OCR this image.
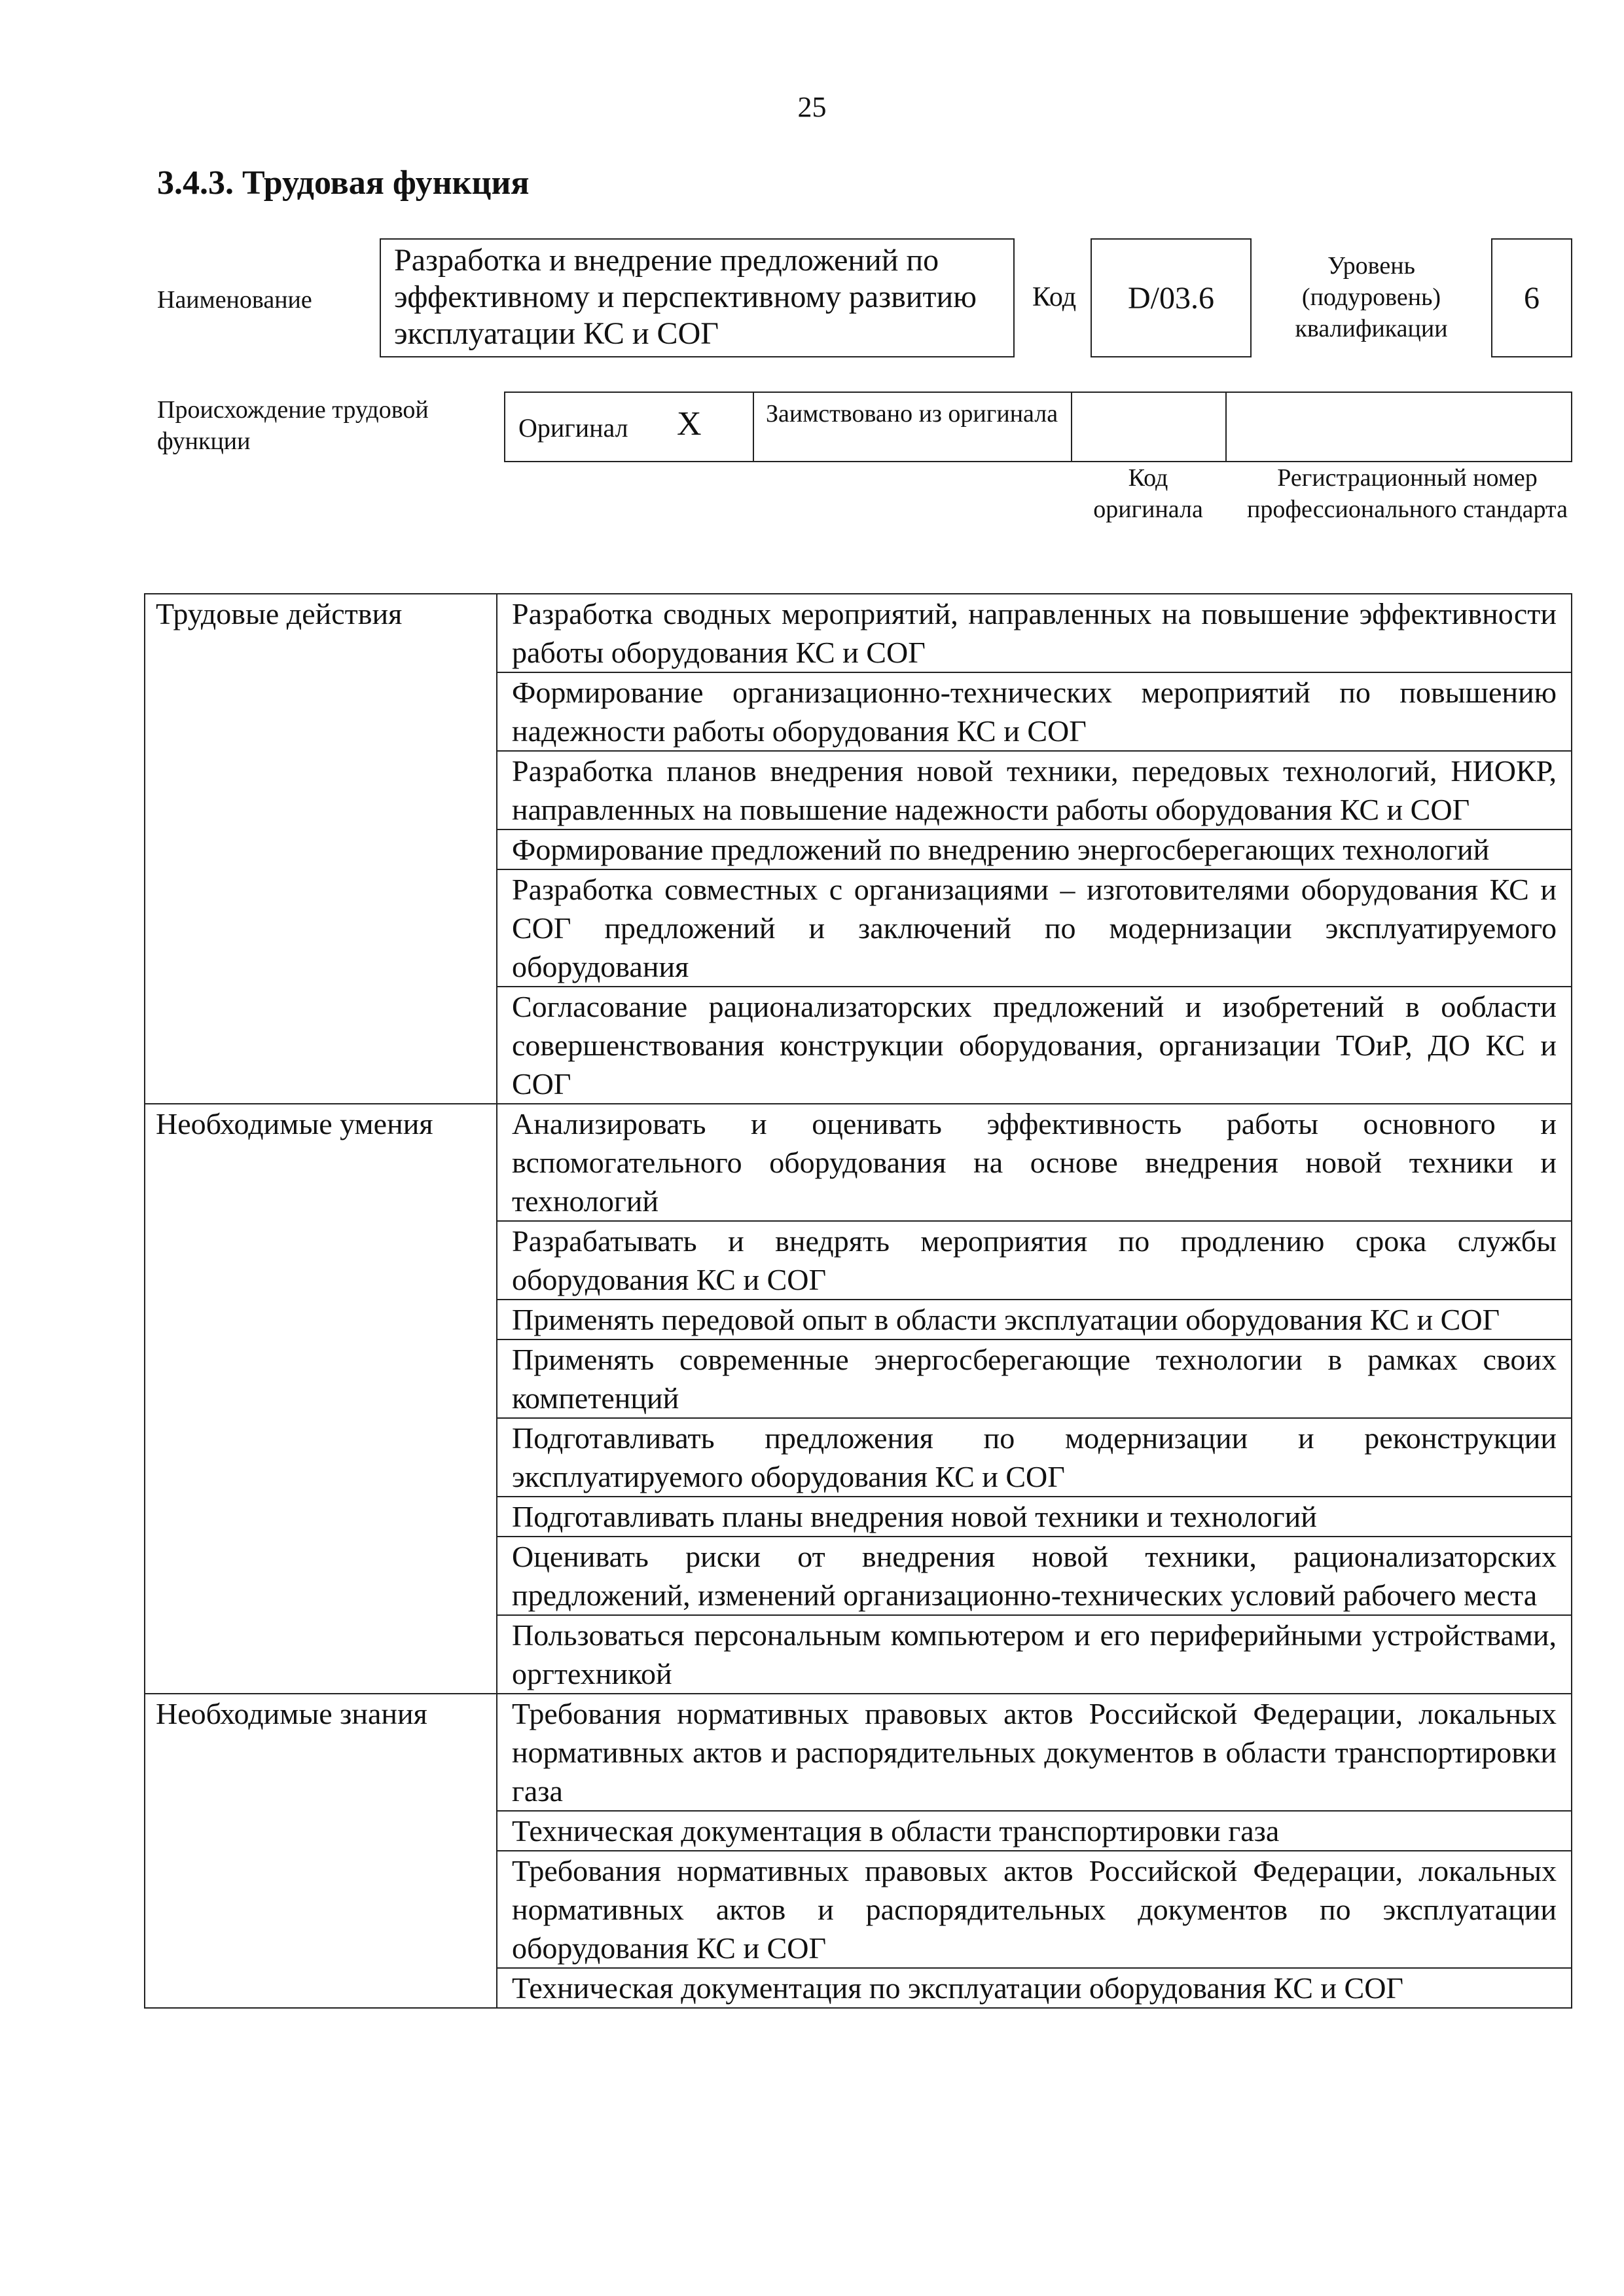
25
3.4.3. Трудовая функция
Наименование
Разработка и внедрение предложений по эффективному и перспективному развитию эксплуатации КС и СОГ
Код	D/03.6
Уровень (подуровень) квалификации
6
Происхождение трудовой функции	Оригинал X	Заимствовано из оригинала
Код оригинала
Регистрационный номер профессионального стандарта
Трудовые действия	Разработка сводных мероприятий, направленных на повышение эффективности работы оборудования КС и СОГ
	Формирование организационно-технических мероприятий по повышению надежности работы оборудования КС и СОГ
	Разработка планов внедрения новой техники, передовых технологий, НИОКР, направленных на повышение надежности работы оборудования КС и СОГ
	Формирование предложений по внедрению энергосберегающих технологий
	Разработка совместных с организациями – изготовителями оборудования КС и СОГ предложений и заключений по модернизации эксплуатируемого оборудования
	Согласование рационализаторских предложений и изобретений в оoбласти совершенствования конструкции оборудования, организации ТОиР, ДО КС и СОГ
Необходимые умения	Анализировать и оценивать эффективность работы основного и вспомогательного оборудования на основе внедрения новой техники и технологий
	Разрабатывать и внедрять мероприятия по продлению срока службы оборудования КС и СОГ
	Применять передовой опыт в области эксплуатации оборудования КС и СОГ
	Применять современные энергосберегающие технологии в рамках своих компетенций
	Подготавливать предложения по модернизации и реконструкции эксплуатируемого оборудования КС и СОГ
	Подготавливать планы внедрения новой техники и технологий
	Оценивать риски от внедрения новой техники, рационализаторских предложений, изменений организационно-технических условий рабочего места
	Пользоваться персональным компьютером и его периферийными устройствами, оргтехникой
Необходимые знания	Требования нормативных правовых актов Российской Федерации, локальных нормативных актов и распорядительных документов в области транспортировки газа
	Техническая документация в области транспортировки газа
	Требования нормативных правовых актов Российской Федерации, локальных нормативных актов и распорядительных документов по эксплуатации оборудования КС и СОГ
	Техническая документация по эксплуатации оборудования КС и СОГ
